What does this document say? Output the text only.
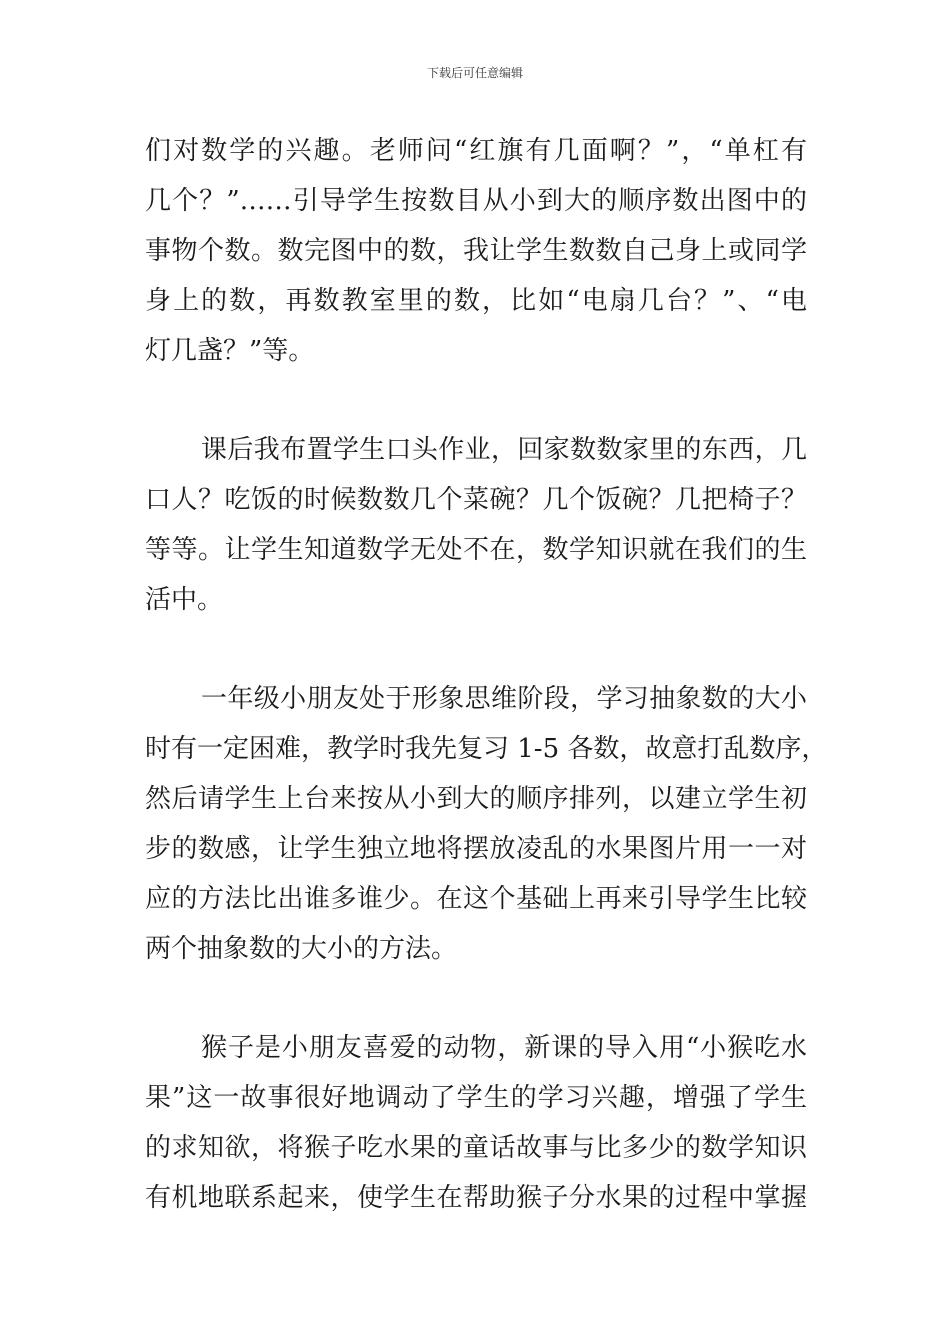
下载后可任意编辑
们对数学的兴趣。老师问“红旗有几面啊？”，“单杠有
几个？”……引导学生按数目从小到大的顺序数出图中的
事物个数。数完图中的数，我让学生数数自己身上或同学
身上的数，再数教室里的数，比如“电扇几台？”、“电
灯几盏？”等。
课后我布置学生口头作业，回家数数家里的东西，几
口人？吃饭的时候数数几个菜碗？几个饭碗？几把椅子？
等等。让学生知道数学无处不在，数学知识就在我们的生
活中。
一年级小朋友处于形象思维阶段，学习抽象数的大小
时有一定困难，教学时我先复习 1-5 各数，故意打乱数序，
然后请学生上台来按从小到大的顺序排列，以建立学生初
步的数感，让学生独立地将摆放凌乱的水果图片用一一对
应的方法比出谁多谁少。在这个基础上再来引导学生比较
两个抽象数的大小的方法。
猴子是小朋友喜爱的动物，新课的导入用“小猴吃水
果”这一故事很好地调动了学生的学习兴趣，增强了学生
的求知欲，将猴子吃水果的童话故事与比多少的数学知识
有机地联系起来，使学生在帮助猴子分水果的过程中掌握
